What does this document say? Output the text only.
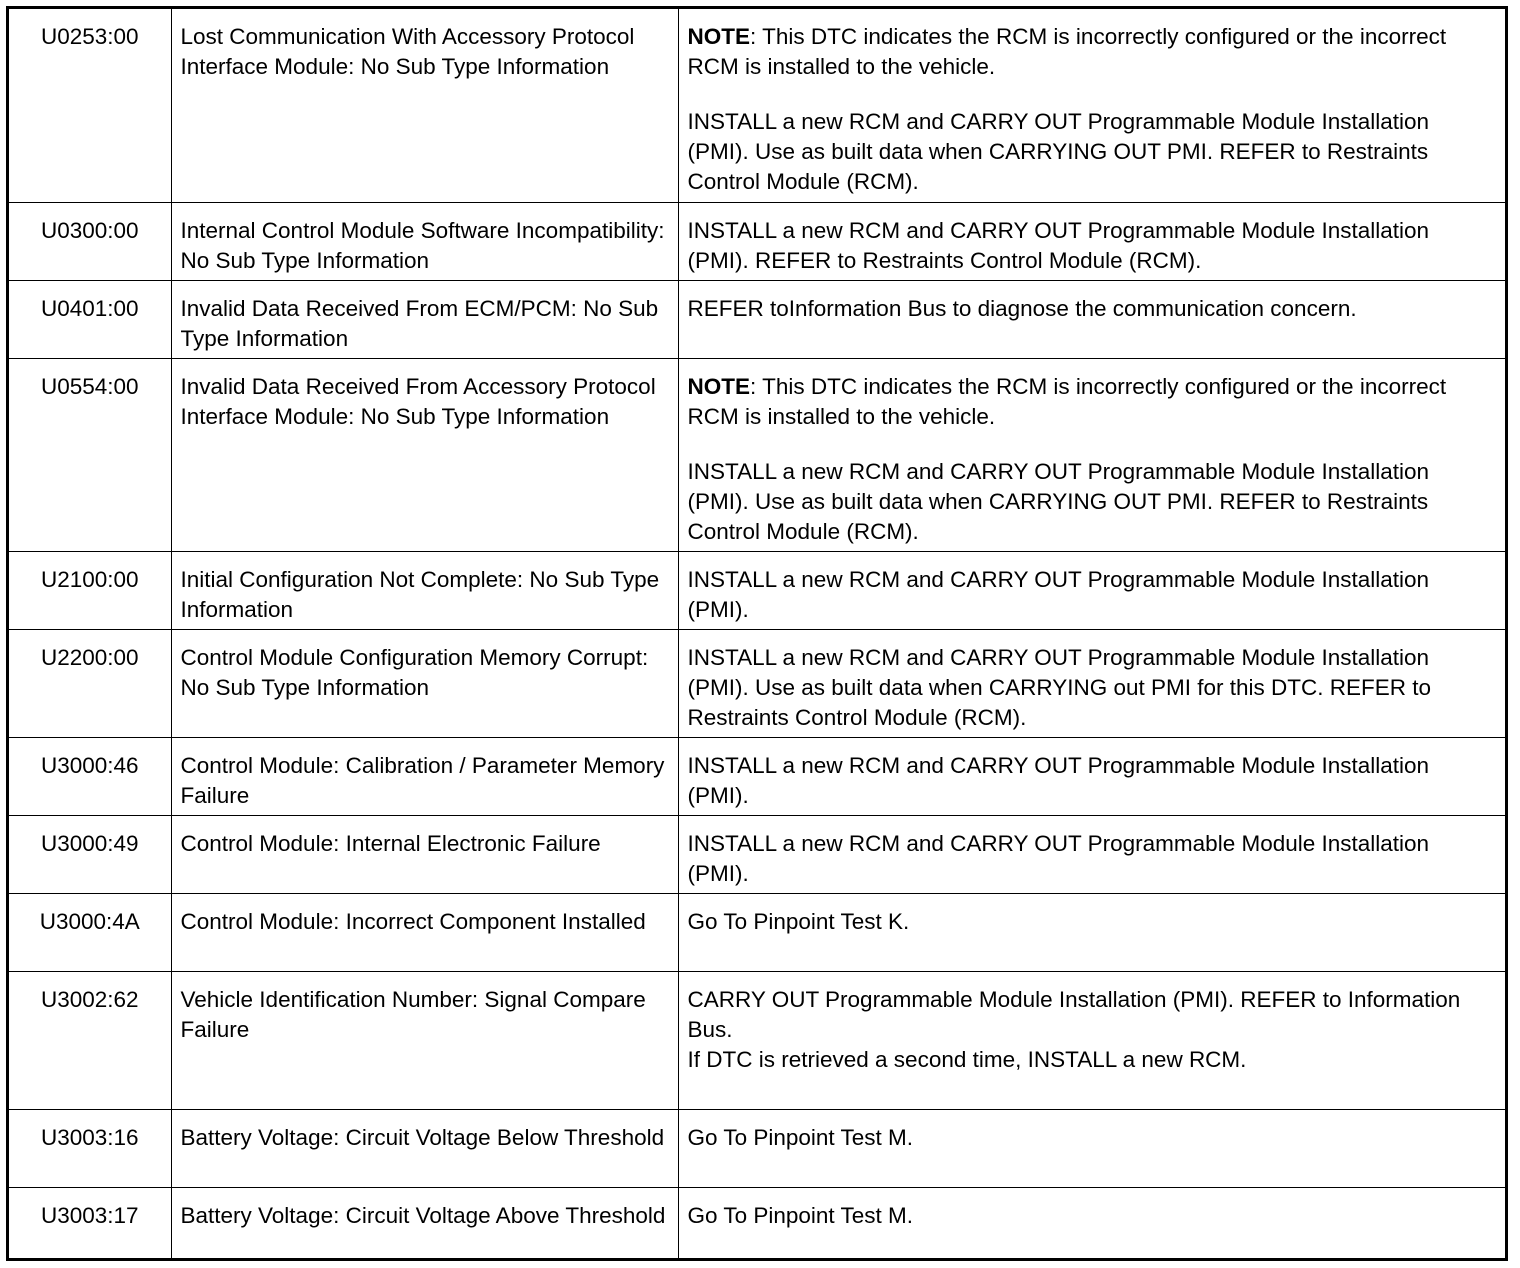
U0253:00	Lost Communication With Accessory Protocol Interface Module: No Sub Type Information	NOTE: This DTC indicates the RCM is incorrectly configured or the incorrect RCM is installed to the vehicle.
INSTALL a new RCM and CARRY OUT Programmable Module Installation (PMI). Use as built data when CARRYING OUT PMI. REFER to Restraints Control Module (RCM).

U0300:00	Internal Control Module Software Incompatibility: No Sub Type Information	INSTALL a new RCM and CARRY OUT Programmable Module Installation (PMI). REFER to Restraints Control Module (RCM).

U0401:00	Invalid Data Received From ECM/PCM: No Sub Type Information	REFER toInformation Bus to diagnose the communication concern.

U0554:00	Invalid Data Received From Accessory Protocol Interface Module: No Sub Type Information	NOTE: This DTC indicates the RCM is incorrectly configured or the incorrect RCM is installed to the vehicle.
INSTALL a new RCM and CARRY OUT Programmable Module Installation (PMI). Use as built data when CARRYING OUT PMI. REFER to Restraints Control Module (RCM).

U2100:00	Initial Configuration Not Complete: No Sub Type Information	INSTALL a new RCM and CARRY OUT Programmable Module Installation (PMI).

U2200:00	Control Module Configuration Memory Corrupt: No Sub Type Information	INSTALL a new RCM and CARRY OUT Programmable Module Installation (PMI). Use as built data when CARRYING out PMI for this DTC. REFER to Restraints Control Module (RCM).

U3000:46	Control Module: Calibration / Parameter Memory Failure	INSTALL a new RCM and CARRY OUT Programmable Module Installation (PMI).

U3000:49	Control Module: Internal Electronic Failure	INSTALL a new RCM and CARRY OUT Programmable Module Installation (PMI).

U3000:4A	Control Module: Incorrect Component Installed	Go To Pinpoint Test K.

U3002:62	Vehicle Identification Number: Signal Compare Failure	CARRY OUT Programmable Module Installation (PMI). REFER to Information Bus.
If DTC is retrieved a second time, INSTALL a new RCM.

U3003:16	Battery Voltage: Circuit Voltage Below Threshold	Go To Pinpoint Test M.

U3003:17	Battery Voltage: Circuit Voltage Above Threshold	Go To Pinpoint Test M.
